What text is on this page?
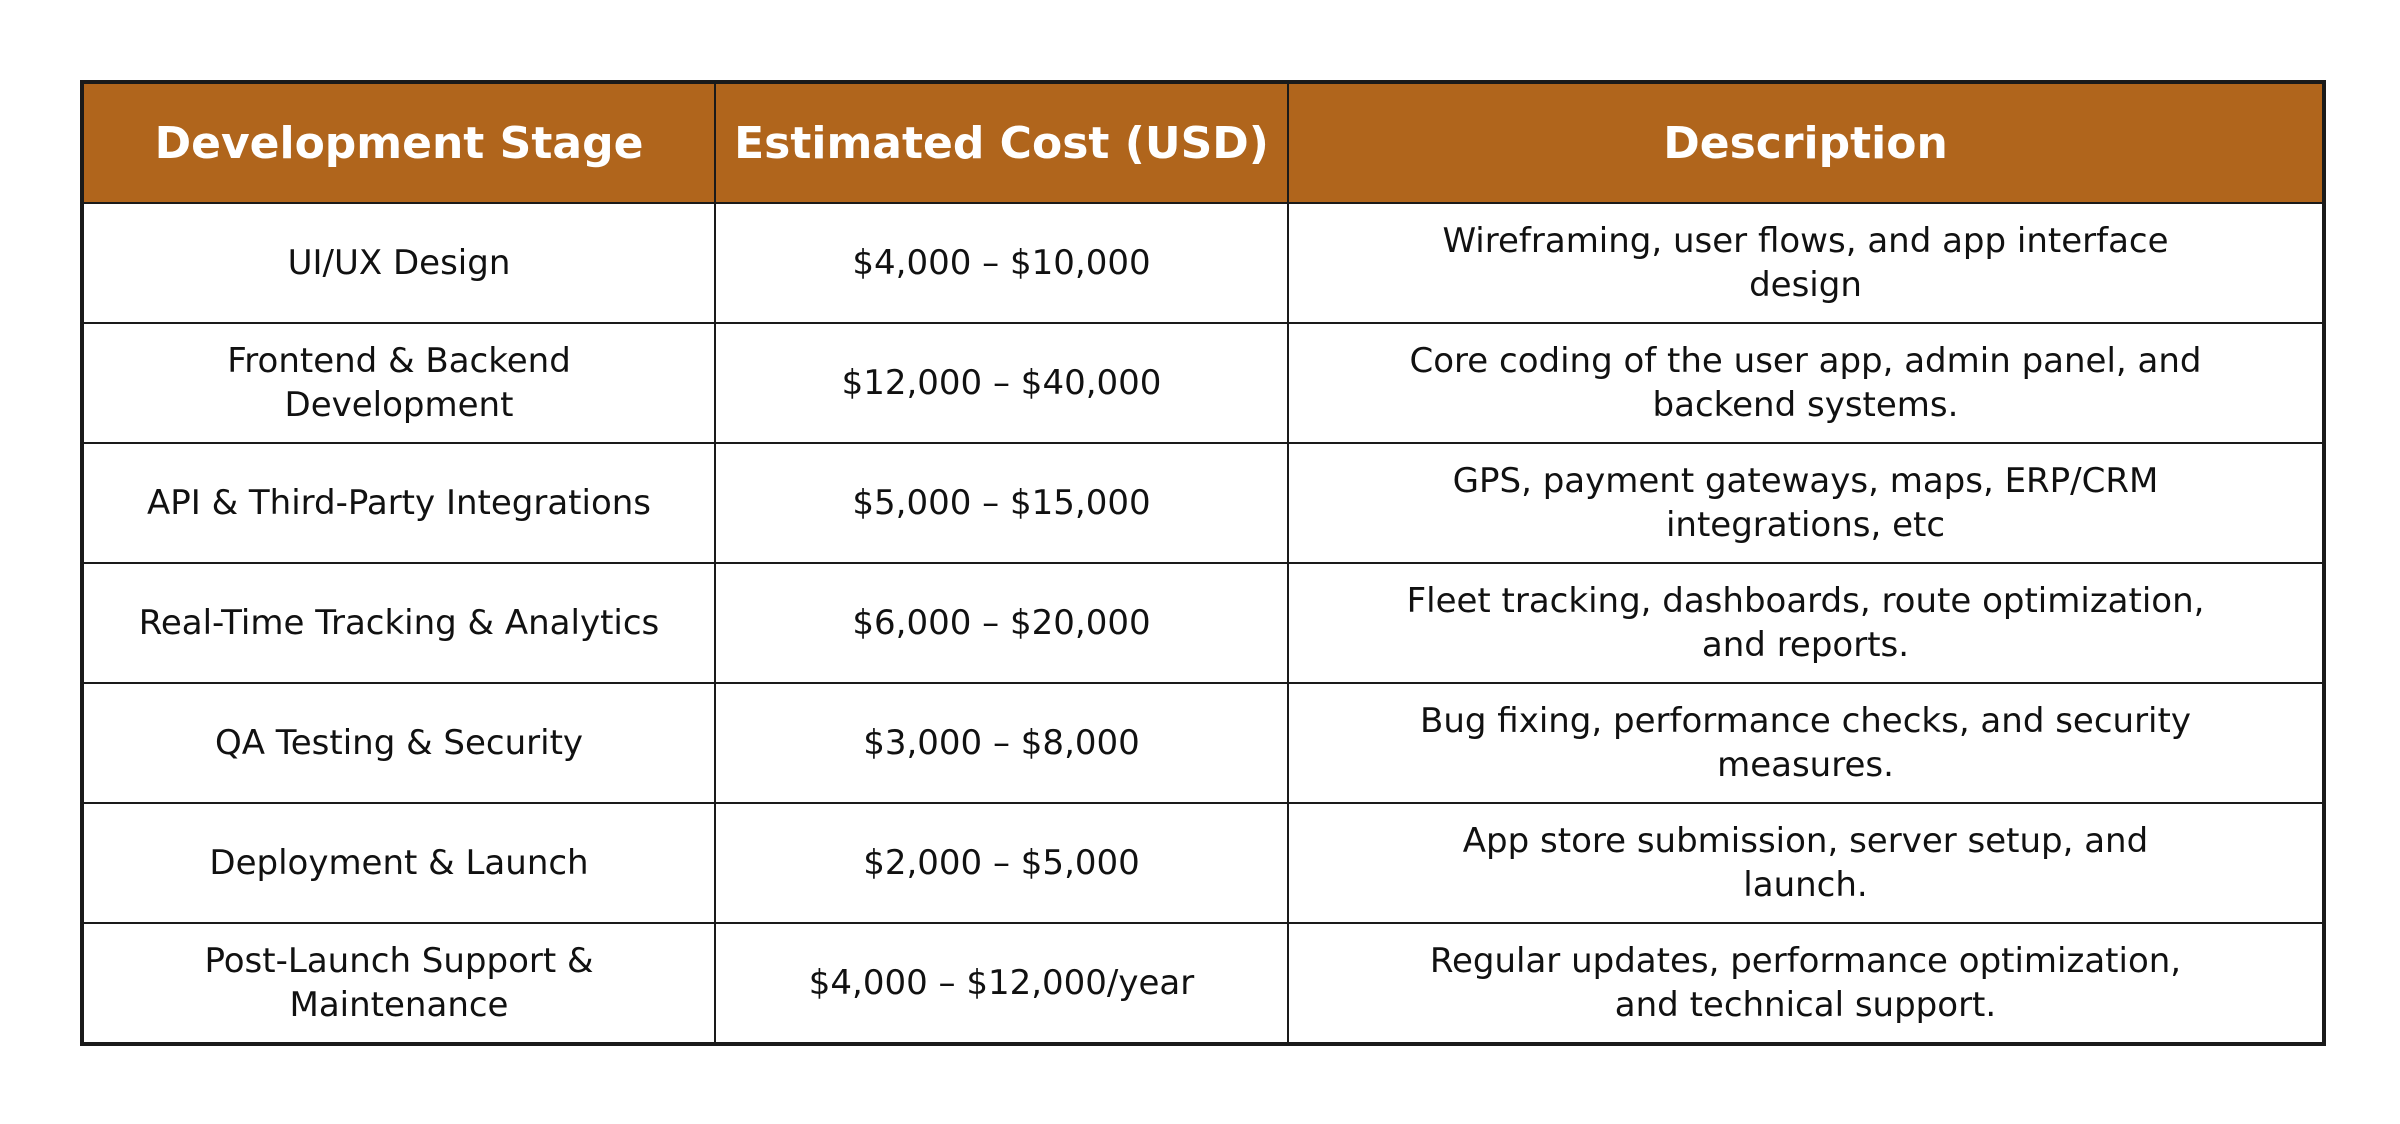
Development Stage	Estimated Cost (USD)	Description
UI/UX Design	$4,000 – $10,000	Wireframing, user flows, and app interface design
Frontend & Backend Development	$12,000 – $40,000	Core coding of the user app, admin panel, and backend systems.
API & Third-Party Integrations	$5,000 – $15,000	GPS, payment gateways, maps, ERP/CRM integrations, etc
Real-Time Tracking & Analytics	$6,000 – $20,000	Fleet tracking, dashboards, route optimization, and reports.
QA Testing & Security	$3,000 – $8,000	Bug fixing, performance checks, and security measures.
Deployment & Launch	$2,000 – $5,000	App store submission, server setup, and launch.
Post-Launch Support & Maintenance	$4,000 – $12,000/year	Regular updates, performance optimization, and technical support.
